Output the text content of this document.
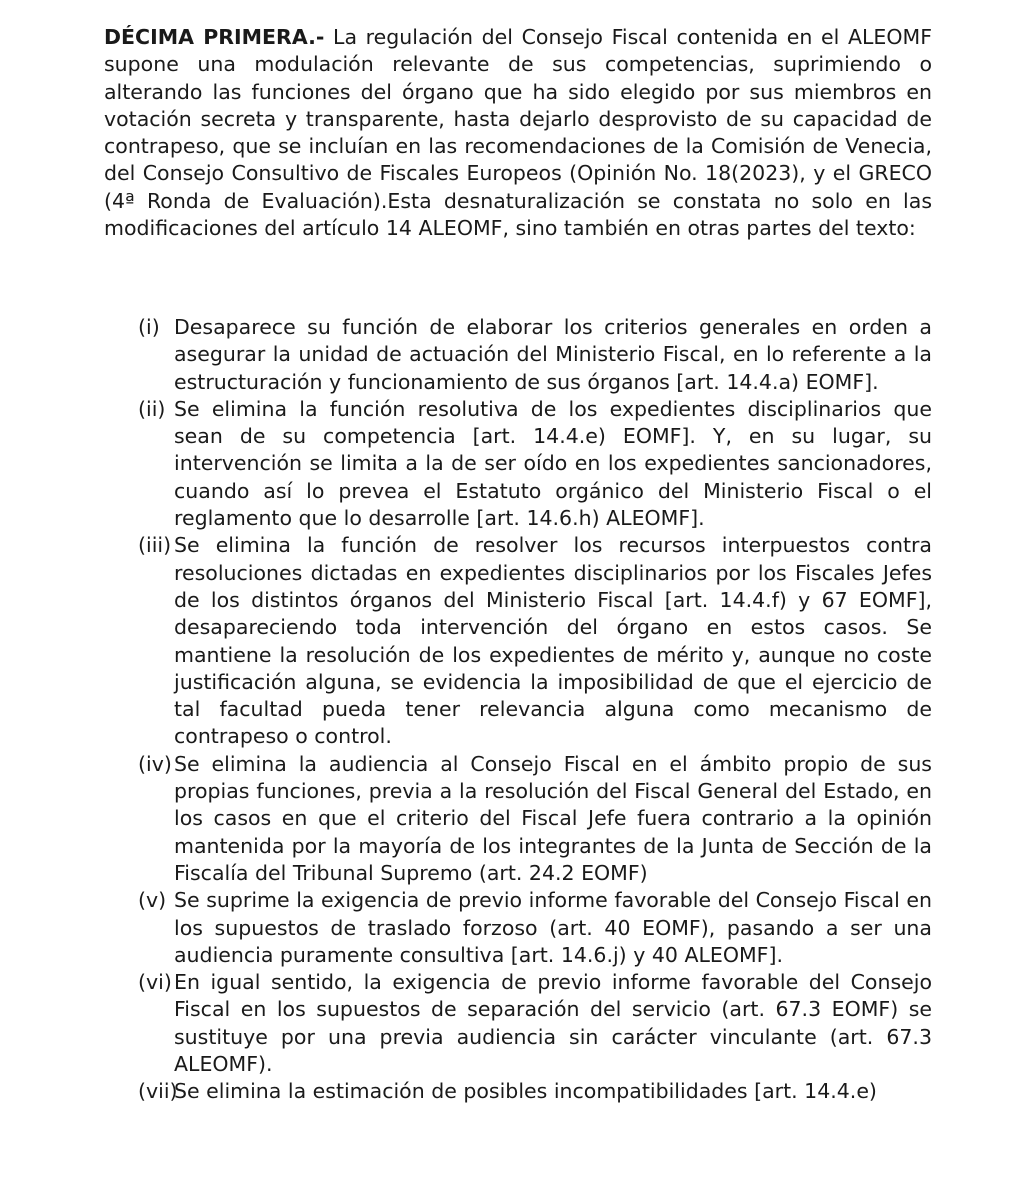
DÉCIMA PRIMERA.- La regulación del Consejo Fiscal contenida en el ALEOMF supone una modulación relevante de sus competencias, suprimiendo o alterando las funciones del órgano que ha sido elegido por sus miembros en votación secreta y transparente, hasta dejarlo desprovisto de su capacidad de contrapeso, que se incluían en las recomendaciones de la Comisión de Venecia, del Consejo Consultivo de Fiscales Europeos (Opinión No. 18(2023), y el GRECO (4ª Ronda de Evaluación).Esta desnaturalización se constata no solo en las modificaciones del artículo 14 ALEOMF, sino también en otras partes del texto:

(i) Desaparece su función de elaborar los criterios generales en orden a asegurar la unidad de actuación del Ministerio Fiscal, en lo referente a la estructuración y funcionamiento de sus órganos [art. 14.4.a) EOMF].
(ii) Se elimina la función resolutiva de los expedientes disciplinarios que sean de su competencia [art. 14.4.e) EOMF]. Y, en su lugar, su intervención se limita a la de ser oído en los expedientes sancionadores, cuando así lo prevea el Estatuto orgánico del Ministerio Fiscal o el reglamento que lo desarrolle [art. 14.6.h) ALEOMF].
(iii) Se elimina la función de resolver los recursos interpuestos contra resoluciones dictadas en expedientes disciplinarios por los Fiscales Jefes de los distintos órganos del Ministerio Fiscal [art. 14.4.f) y 67 EOMF], desapareciendo toda intervención del órgano en estos casos. Se mantiene la resolución de los expedientes de mérito y, aunque no coste justificación alguna, se evidencia la imposibilidad de que el ejercicio de tal facultad pueda tener relevancia alguna como mecanismo de contrapeso o control.
(iv) Se elimina la audiencia al Consejo Fiscal en el ámbito propio de sus propias funciones, previa a la resolución del Fiscal General del Estado, en los casos en que el criterio del Fiscal Jefe fuera contrario a la opinión mantenida por la mayoría de los integrantes de la Junta de Sección de la Fiscalía del Tribunal Supremo (art. 24.2 EOMF)
(v) Se suprime la exigencia de previo informe favorable del Consejo Fiscal en los supuestos de traslado forzoso (art. 40 EOMF), pasando a ser una audiencia puramente consultiva [art. 14.6.j) y 40 ALEOMF].
(vi) En igual sentido, la exigencia de previo informe favorable del Consejo Fiscal en los supuestos de separación del servicio (art. 67.3 EOMF) se sustituye por una previa audiencia sin carácter vinculante (art. 67.3 ALEOMF).
(vii)
Se elimina la estimación de posibles incompatibilidades [art. 14.4.e)
